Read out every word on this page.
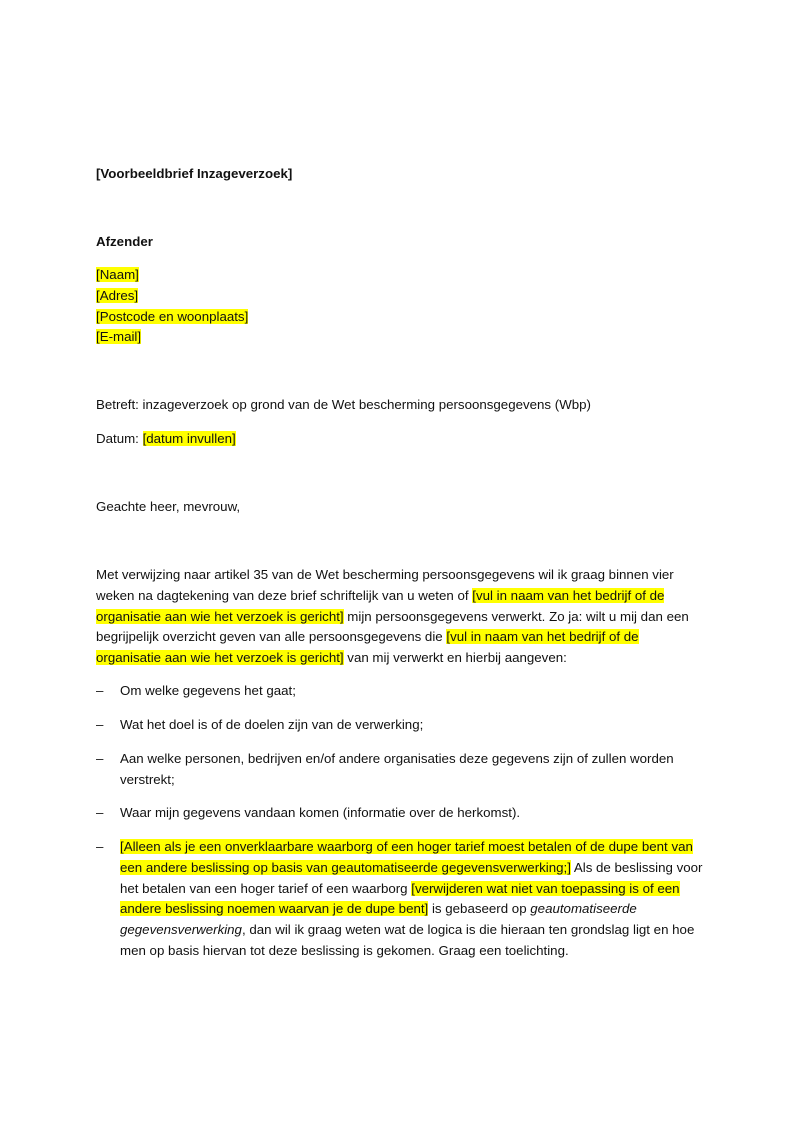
[Voorbeeldbrief Inzageverzoek]
Afzender
[Naam]
[Adres]
[Postcode en woonplaats]
[E-mail]
Betreft: inzageverzoek op grond van de Wet bescherming persoonsgegevens (Wbp)
Datum: [datum invullen]
Geachte heer, mevrouw,
Met verwijzing naar artikel 35 van de Wet bescherming persoonsgegevens wil ik graag binnen vier weken na dagtekening van deze brief schriftelijk van u weten of [vul in naam van het bedrijf of de organisatie aan wie het verzoek is gericht] mijn persoonsgegevens verwerkt. Zo ja: wilt u mij dan een begrijpelijk overzicht geven van alle persoonsgegevens die [vul in naam van het bedrijf of de organisatie aan wie het verzoek is gericht] van mij verwerkt en hierbij aangeven:
– Om welke gegevens het gaat;
– Wat het doel is of de doelen zijn van de verwerking;
– Aan welke personen, bedrijven en/of andere organisaties deze gegevens zijn of zullen worden verstrekt;
– Waar mijn gegevens vandaan komen (informatie over de herkomst).
– [Alleen als je een onverklaarbare waarborg of een hoger tarief moest betalen of de dupe bent van een andere beslissing op basis van geautomatiseerde gegevensverwerking;] Als de beslissing voor het betalen van een hoger tarief of een waarborg [verwijderen wat niet van toepassing is of een andere beslissing noemen waarvan je de dupe bent] is gebaseerd op geautomatiseerde gegevensverwerking, dan wil ik graag weten wat de logica is die hieraan ten grondslag ligt en hoe men op basis hiervan tot deze beslissing is gekomen. Graag een toelichting.
